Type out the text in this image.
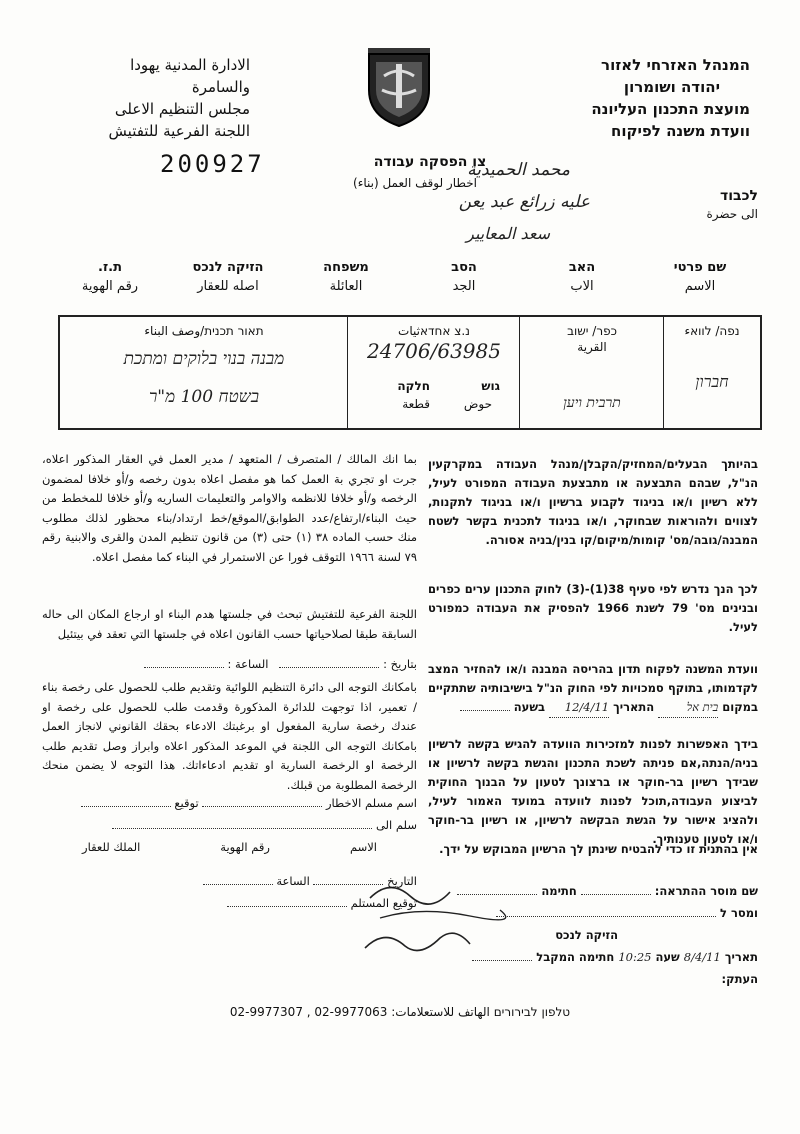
המנהל האזרחי לאזור
יהודה ושומרון
מועצת התכנון העליונה
וועדת משנה לפיקוח
الادارة المدنية يهودا
والسامرة
مجلس التنظيم الاعلى
اللجنة الفرعية للتفتيش
200927	צו הפסקה עבודה
اخطار لوقف العمل (بناء)
לכבוד
الى حضرة
محمد الحميدية
عليه زرائع عبد يعن
سعد المعايير
שם פרטי
الاسم
האב
الاب
הסב
الجد
משפחה
العائلة
הזיקה לנכס
اصله للعقار
ת.ז.
رقم الهوية
נפה/ לוואء
חברון
כפר/ ישוב
القرية
תרבית ויען
נ.צ אחדאثيات
24706/63985
גוש
חלקה
حوض
قطعة
תאור תכנית/وصف البناء
מבנה בנוי בלוקים ומתכת
בשטח 100 מ"ר
בהיותך הבעלים/המחזיק/הקבלן/מנהל העבודה במקרקעין הנ"ל, שבהם התבצעה או מתבצעת העבודה המפורט לעיל, ללא רשיון ו/או בניגוד לקבוע ברשיון ו/או בניגוד לתקנות, לצווים ולהוראות שבחוקר, ו/או בניגוד לתכנית בקשר לשטח המבנה/גובה/מס' קומות/מיקום/קו בנין/בניה אסורה.
לכך הנך נדרש לפי סעיף 38(1)-(3) לחוק התכנון ערים כפרים ובנינים מס' 79 לשנת 1966 להפסיק את העבודה כמפורט לעיל.
וועדת המשנה לפקוח תדון בהריסה המבנה ו/או להחזיר המצב לקדמותו, בתוקף סמכויות לפי החוק הנ"ל בישיבותיה שתתקיים במקום בית אל התאריך 12/4/11 בשעה
בידך האפשרות לפנות למזכירות הוועדה להגיש בקשה לרשיון בניה/הנתה,אם פניתה לשכת התכנון והגשת בקשה לרשיון או שבידך רשיון בר-חוקר או ברצונך לטעון על הבנוך החוקית לביצוע העבודה,תוכל לפנות לוועדה במועד האמור לעיל, ולהציג אישור על הגשת הבקשה לרשיון, או רשיון בר-חוקר ו/או לטעון טענותיך.
אין בהתנית זו כדי להבטיח שינתן לך הרשיון המבוקש על ידך.
שם מוסר ההתראה:  חתימה
ומסר ל
הזיקה לנכס
תאריך 8/4/11 שעה 10:25 חתימה המקבל
העתק:
بما انك المالك / المتصرف / المتعهد / مدير العمل في العقار المذكور اعلاه، جرت او تجري بة العمل كما هو مفصل اعلاه بدون رخصه و/أو خلافا لمضمون الرخصه و/أو خلافا للانظمه والاوامر والتعليمات الساريه و/أو خلافا للمخطط من حيث البناء/ارتفاع/عدد الطوابق/الموقع/خط ارتداد/بناء محظور لذلك مطلوب منك حسب الماده ٣٨ (١) حتى (٣) من قانون تنظيم المدن والقرى والابنية رقم ٧٩ لسنة ١٩٦٦ التوقف فورا عن الاستمرار في البناء كما مفصل اعلاه.
اللجنة الفرعية للتفتيش تبحث في جلستها هدم البناء او ارجاع المكان الى حاله السابقة طبقا لصلاحياتها حسب القانون اعلاه في جلستها التي تعقد في بيتئيل
بتاريخ :    الساعة :
بامكانك التوجه الى دائرة التنظيم اللوائية وتقديم طلب للحصول على رخصة بناء / تعمير، اذا توجهت للدائرة المذكورة وقدمت طلب للحصول على رخصة او عندك رخصة سارية المفعول او برغبتك الادعاء بحقك القانوني لانجاز العمل بامكانك التوجه الى اللجنة في الموعد المذكور اعلاه وابراز وصل تقديم طلب الرخصة او الرخصة السارية او تقديم ادعاءاتك. هذا التوجه لا يضمن منحك الرخصة المطلوبة من قبلك.
اسم مسلم الاخطار  توقيع
سلم الى
الاسم
رقم الهوية
الملك للعقار
التاريخ  الساعة
توقيع المستلم
טלפון לבירורים الهاتف للاستعلامات: 02-9977307 , 02-9977063
